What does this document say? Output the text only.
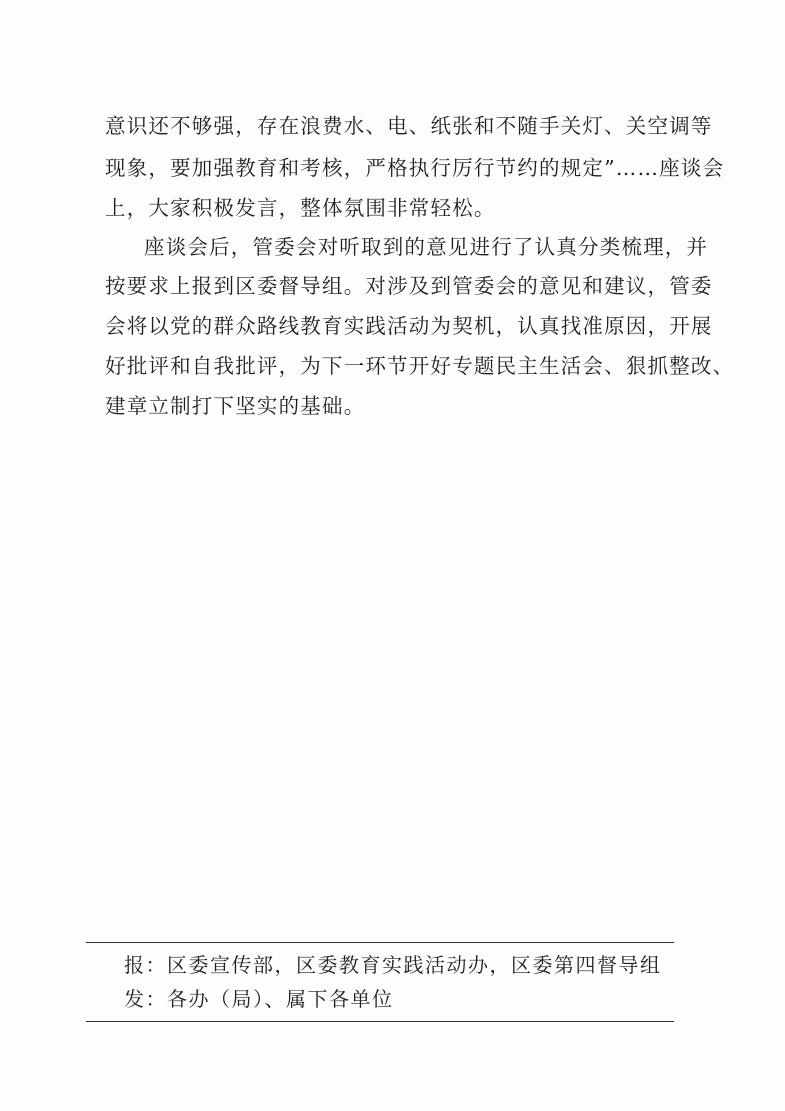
意识还不够强，存在浪费水、电、纸张和不随手关灯、关空调等
现象，要加强教育和考核，严格执行厉行节约的规定”……座谈会
上，大家积极发言，整体氛围非常轻松。
座谈会后，管委会对听取到的意见进行了认真分类梳理，并
按要求上报到区委督导组。对涉及到管委会的意见和建议，管委
会将以党的群众路线教育实践活动为契机，认真找准原因，开展
好批评和自我批评，为下一环节开好专题民主生活会、狠抓整改、
建章立制打下坚实的基础。
报：区委宣传部，区委教育实践活动办，区委第四督导组
发：各办（局）、属下各单位
